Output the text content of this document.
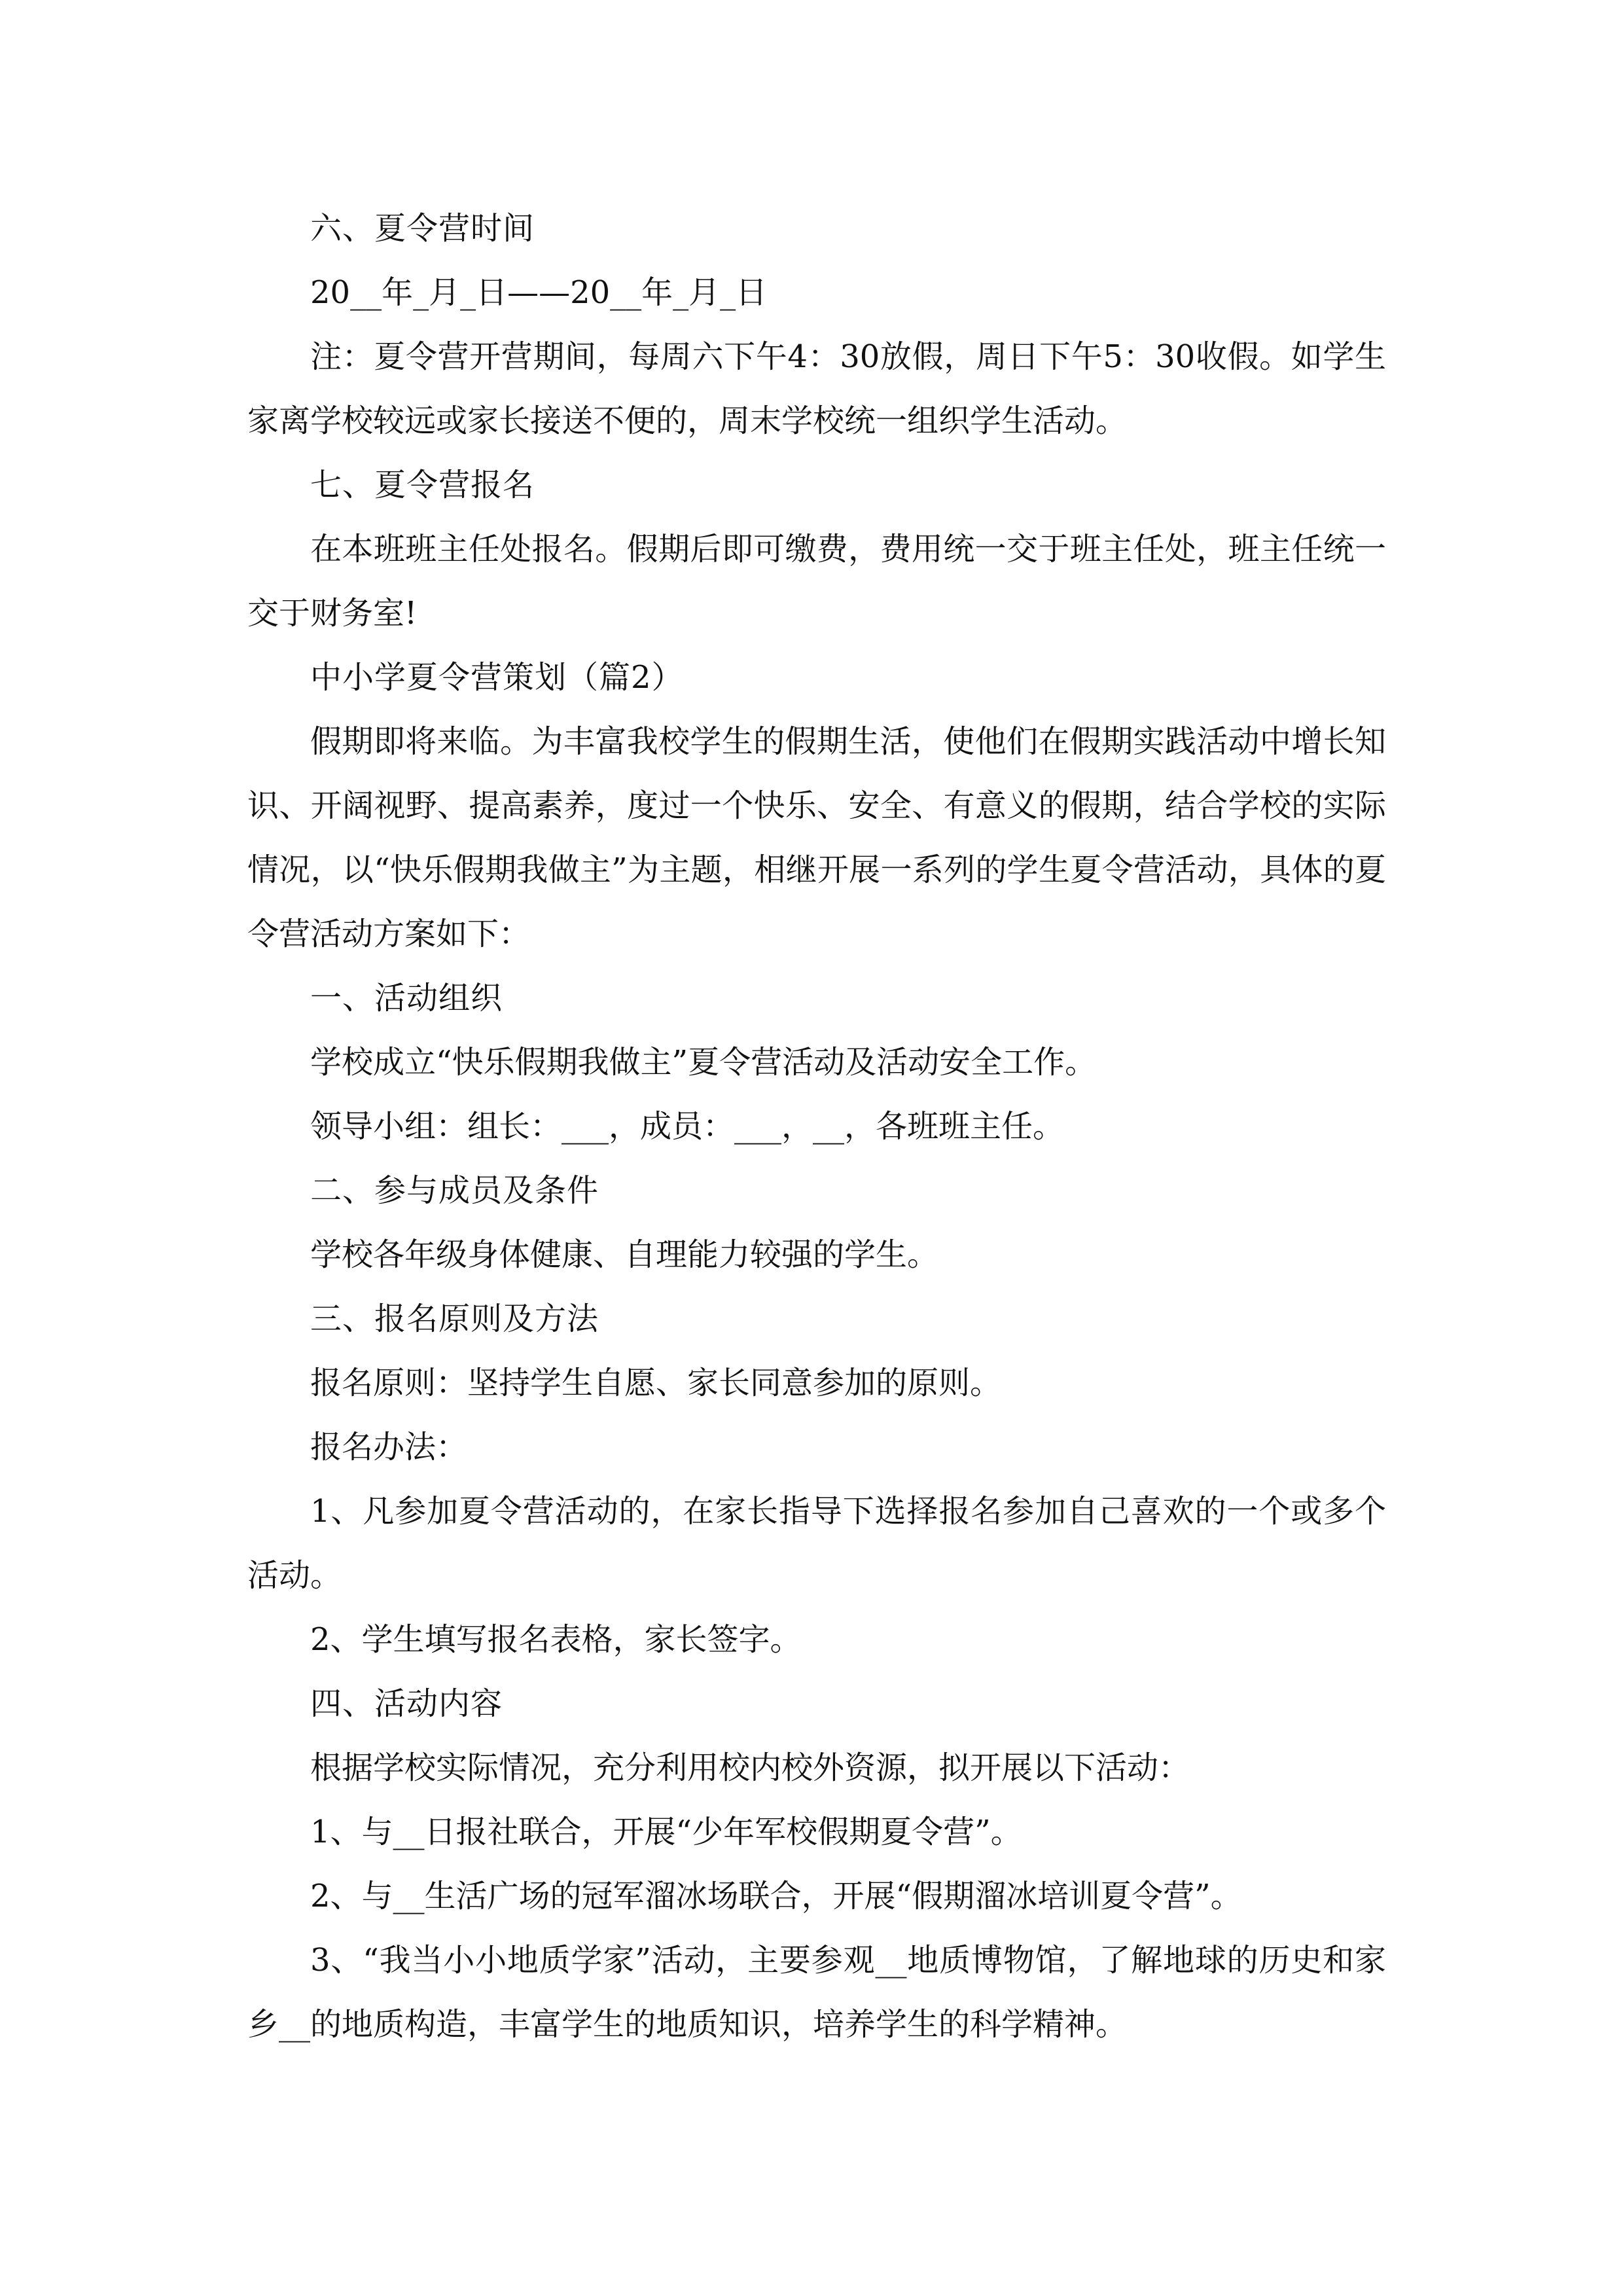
六、夏令营时间

20__年_月_日——20__年_月_日

注：夏令营开营期间，每周六下午4：30放假，周日下午5：30收假。如学生家离学校较远或家长接送不便的，周末学校统一组织学生活动。

七、夏令营报名

在本班班主任处报名。假期后即可缴费，费用统一交于班主任处，班主任统一交于财务室!

中小学夏令营策划（篇2）

假期即将来临。为丰富我校学生的假期生活，使他们在假期实践活动中增长知识、开阔视野、提高素养，度过一个快乐、安全、有意义的假期，结合学校的实际情况，以“快乐假期我做主”为主题，相继开展一系列的学生夏令营活动，具体的夏令营活动方案如下：

一、活动组织

学校成立“快乐假期我做主”夏令营活动及活动安全工作。

领导小组：组长：___，成员：___，__，各班班主任。

二、参与成员及条件

学校各年级身体健康、自理能力较强的学生。

三、报名原则及方法

报名原则：坚持学生自愿、家长同意参加的原则。

报名办法：

1、凡参加夏令营活动的，在家长指导下选择报名参加自己喜欢的一个或多个活动。

2、学生填写报名表格，家长签字。

四、活动内容

根据学校实际情况，充分利用校内校外资源，拟开展以下活动：

1、与__日报社联合，开展“少年军校假期夏令营”。

2、与__生活广场的冠军溜冰场联合，开展“假期溜冰培训夏令营”。

3、“我当小小地质学家”活动，主要参观__地质博物馆，了解地球的历史和家乡__的地质构造，丰富学生的地质知识，培养学生的科学精神。
